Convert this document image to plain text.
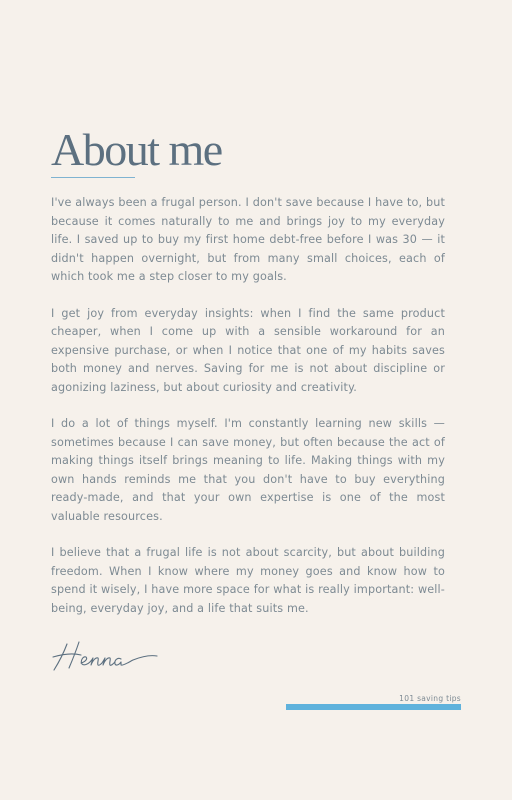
About me

I've always been a frugal person. I don't save because I have to, but because it comes naturally to me and brings joy to my everyday life. I saved up to buy my first home debt-free before I was 30 — it didn't happen overnight, but from many small choices, each of which took me a step closer to my goals.

I get joy from everyday insights: when I find the same product cheaper, when I come up with a sensible workaround for an expensive purchase, or when I notice that one of my habits saves both money and nerves. Saving for me is not about discipline or agonizing laziness, but about curiosity and creativity.

I do a lot of things myself. I'm constantly learning new skills — sometimes because I can save money, but often because the act of making things itself brings meaning to life. Making things with my own hands reminds me that you don't have to buy everything ready-made, and that your own expertise is one of the most valuable resources.

I believe that a frugal life is not about scarcity, but about building freedom. When I know where my money goes and know how to spend it wisely, I have more space for what is really important: well-being, everyday joy, and a life that suits me.

101 saving tips
